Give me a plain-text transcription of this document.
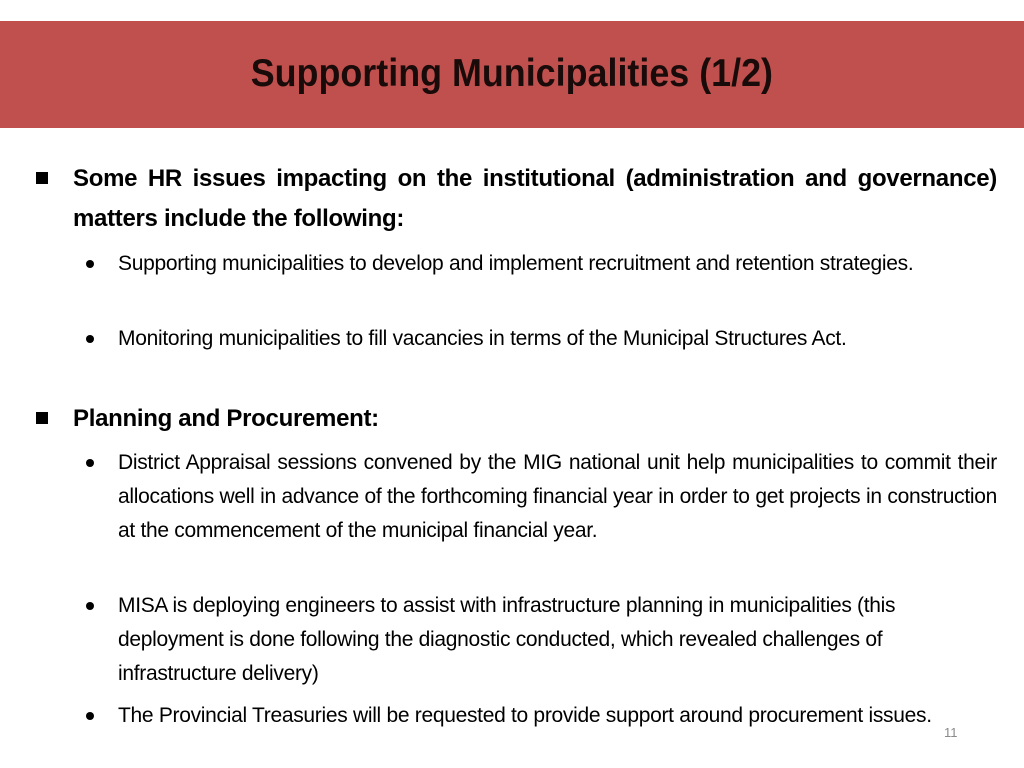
Supporting Municipalities (1/2)
Some HR issues impacting on the institutional (administration and governance) matters include the following:
Supporting municipalities to develop and implement recruitment and retention strategies.
Monitoring municipalities to fill vacancies in terms of the Municipal Structures Act.
Planning and Procurement:
District Appraisal sessions convened by the MIG national unit help municipalities to commit their allocations well in advance of the forthcoming financial year in order to get projects in construction at the commencement of the municipal financial year.
MISA is deploying engineers to assist with infrastructure planning in municipalities (this deployment is done following the diagnostic conducted, which revealed challenges of infrastructure delivery)
The Provincial Treasuries will be requested to provide support around procurement issues.
11
